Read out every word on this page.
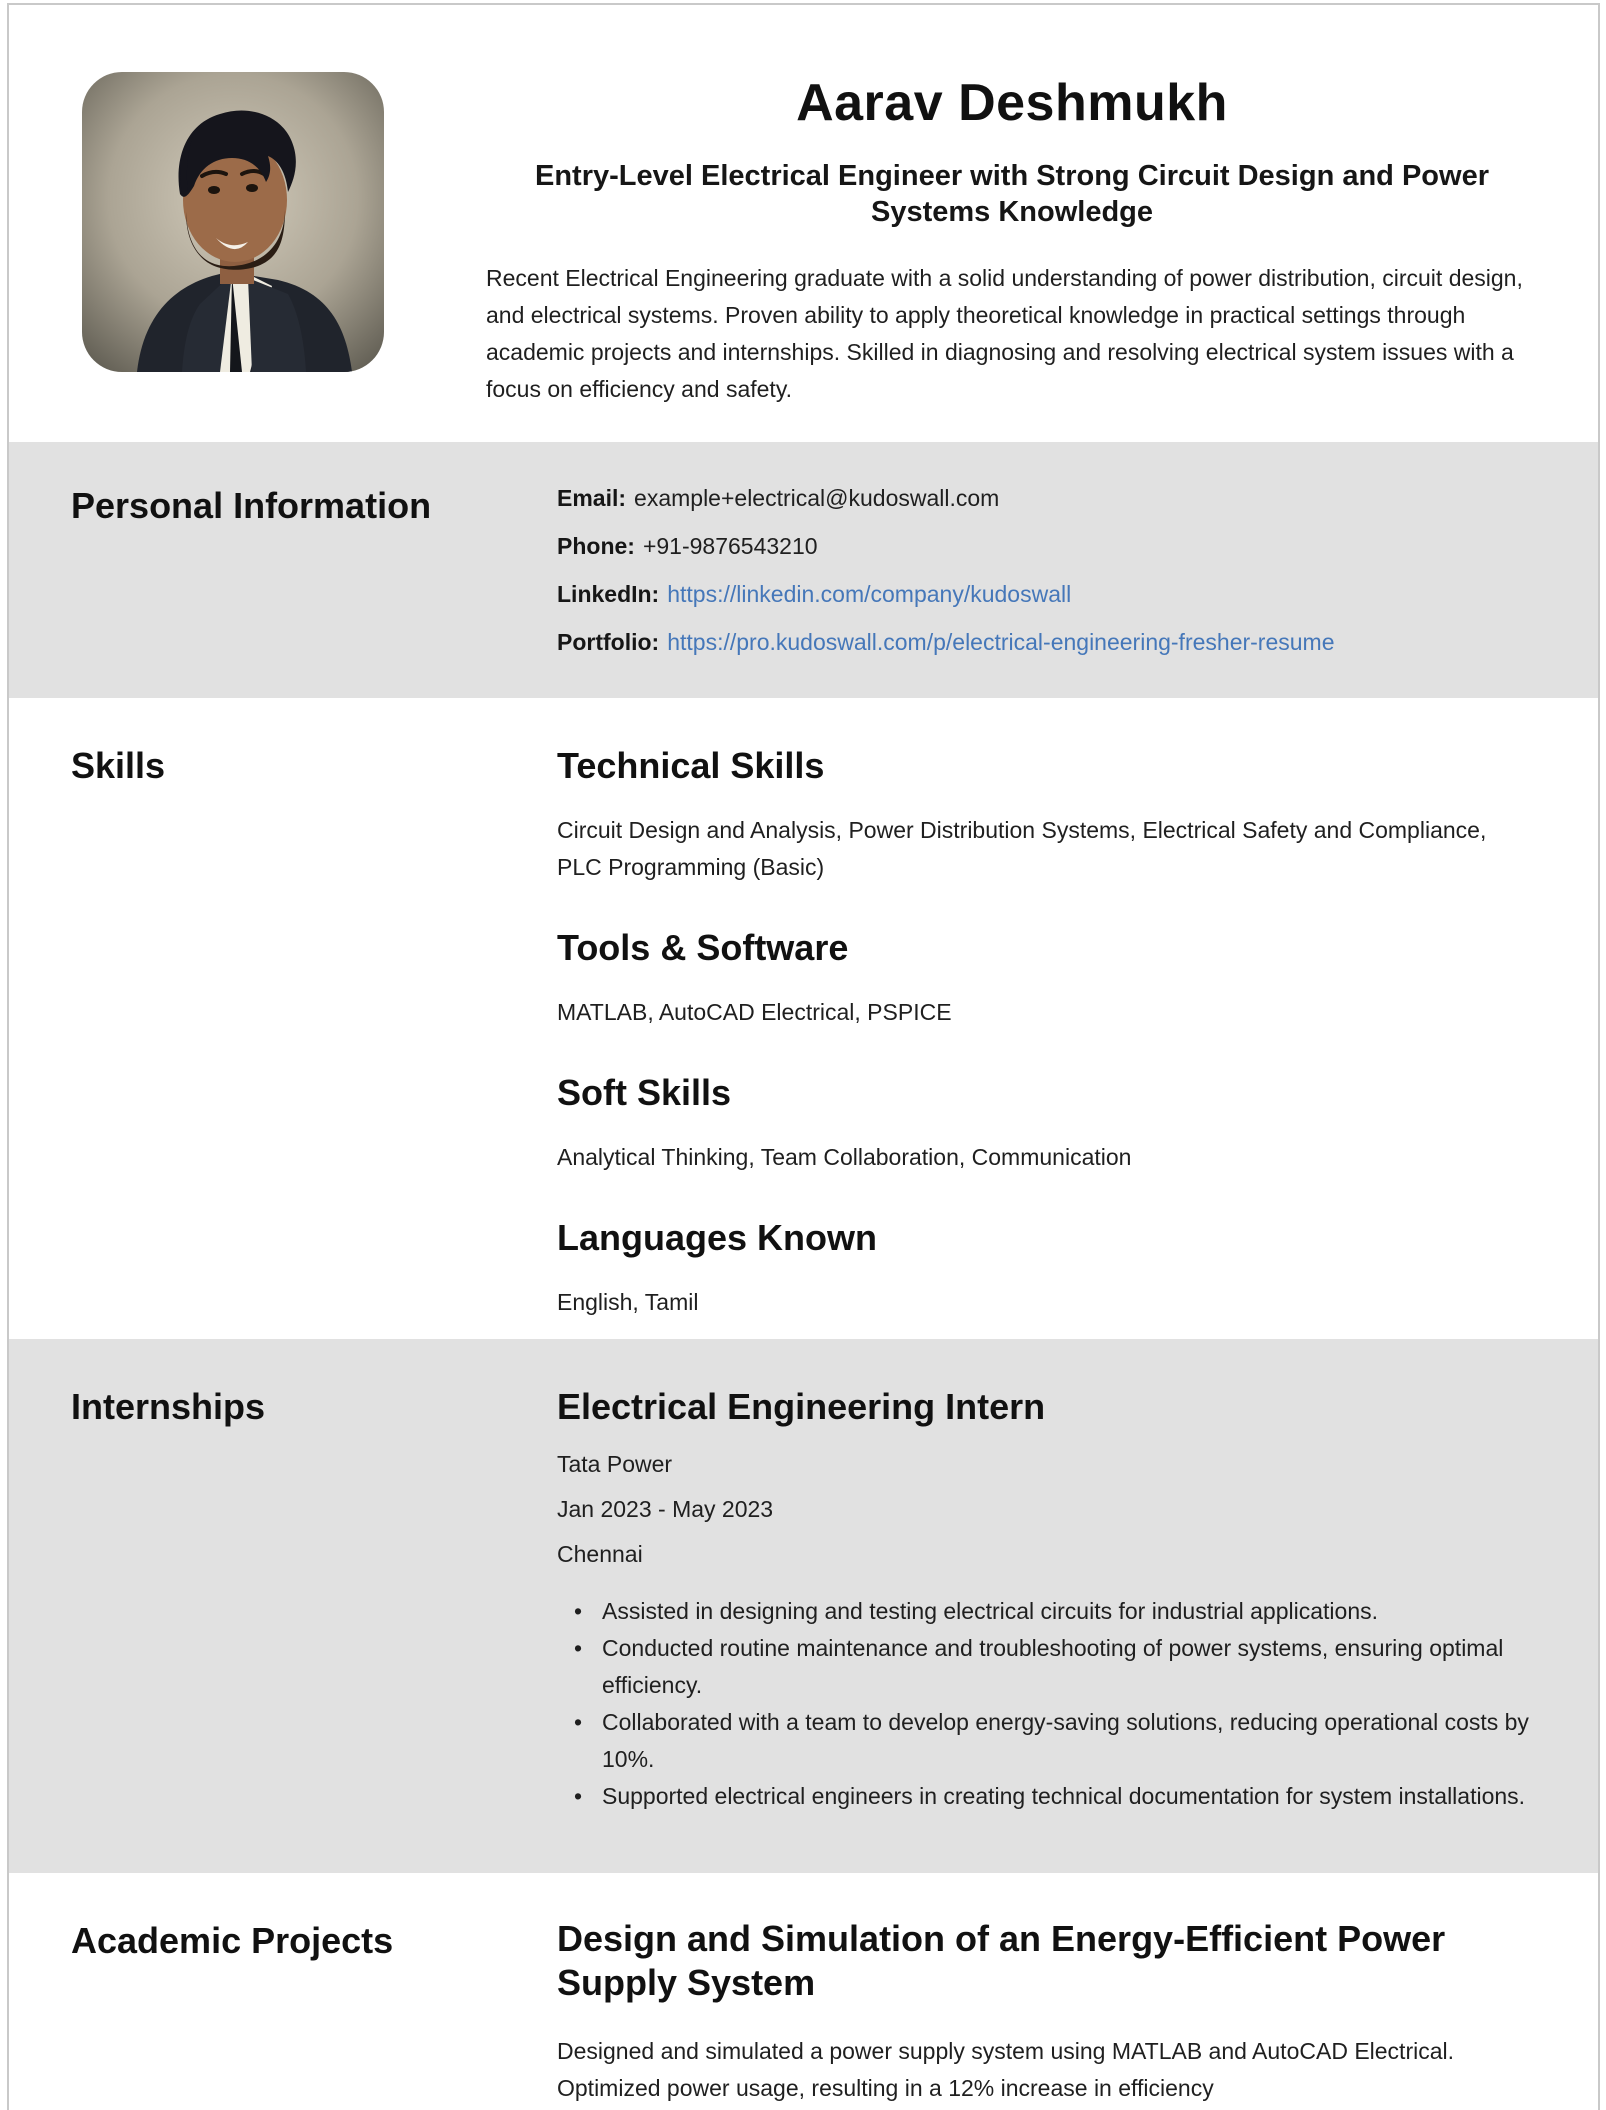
Aarav Deshmukh
Entry-Level Electrical Engineer with Strong Circuit Design and Power Systems Knowledge

Recent Electrical Engineering graduate with a solid understanding of power distribution, circuit design, and electrical systems. Proven ability to apply theoretical knowledge in practical settings through academic projects and internships. Skilled in diagnosing and resolving electrical system issues with a focus on efficiency and safety.

Personal Information	Email: example+electrical@kudoswall.com
Phone: +91-9876543210
LinkedIn: https://linkedin.com/company/kudoswall
Portfolio: https://pro.kudoswall.com/p/electrical-engineering-fresher-resume
Skills	Technical Skills

Circuit Design and Analysis, Power Distribution Systems, Electrical Safety and Compliance, PLC Programming (Basic)

Tools & Software

MATLAB, AutoCAD Electrical, PSPICE

Soft Skills

Analytical Thinking, Team Collaboration, Communication

Languages Known

English, Tamil

Internships	Electrical Engineering Intern
Tata Power
Jan 2023 - May 2023
Chennai
• Assisted in designing and testing electrical circuits for industrial applications.
• Conducted routine maintenance and troubleshooting of power systems, ensuring optimal efficiency.
• Collaborated with a team to develop energy-saving solutions, reducing operational costs by 10%.
• Supported electrical engineers in creating technical documentation for system installations.
Academic Projects	Design and Simulation of an Energy-Efficient Power Supply System

Designed and simulated a power supply system using MATLAB and AutoCAD Electrical. Optimized power usage, resulting in a 12% increase in efficiency
